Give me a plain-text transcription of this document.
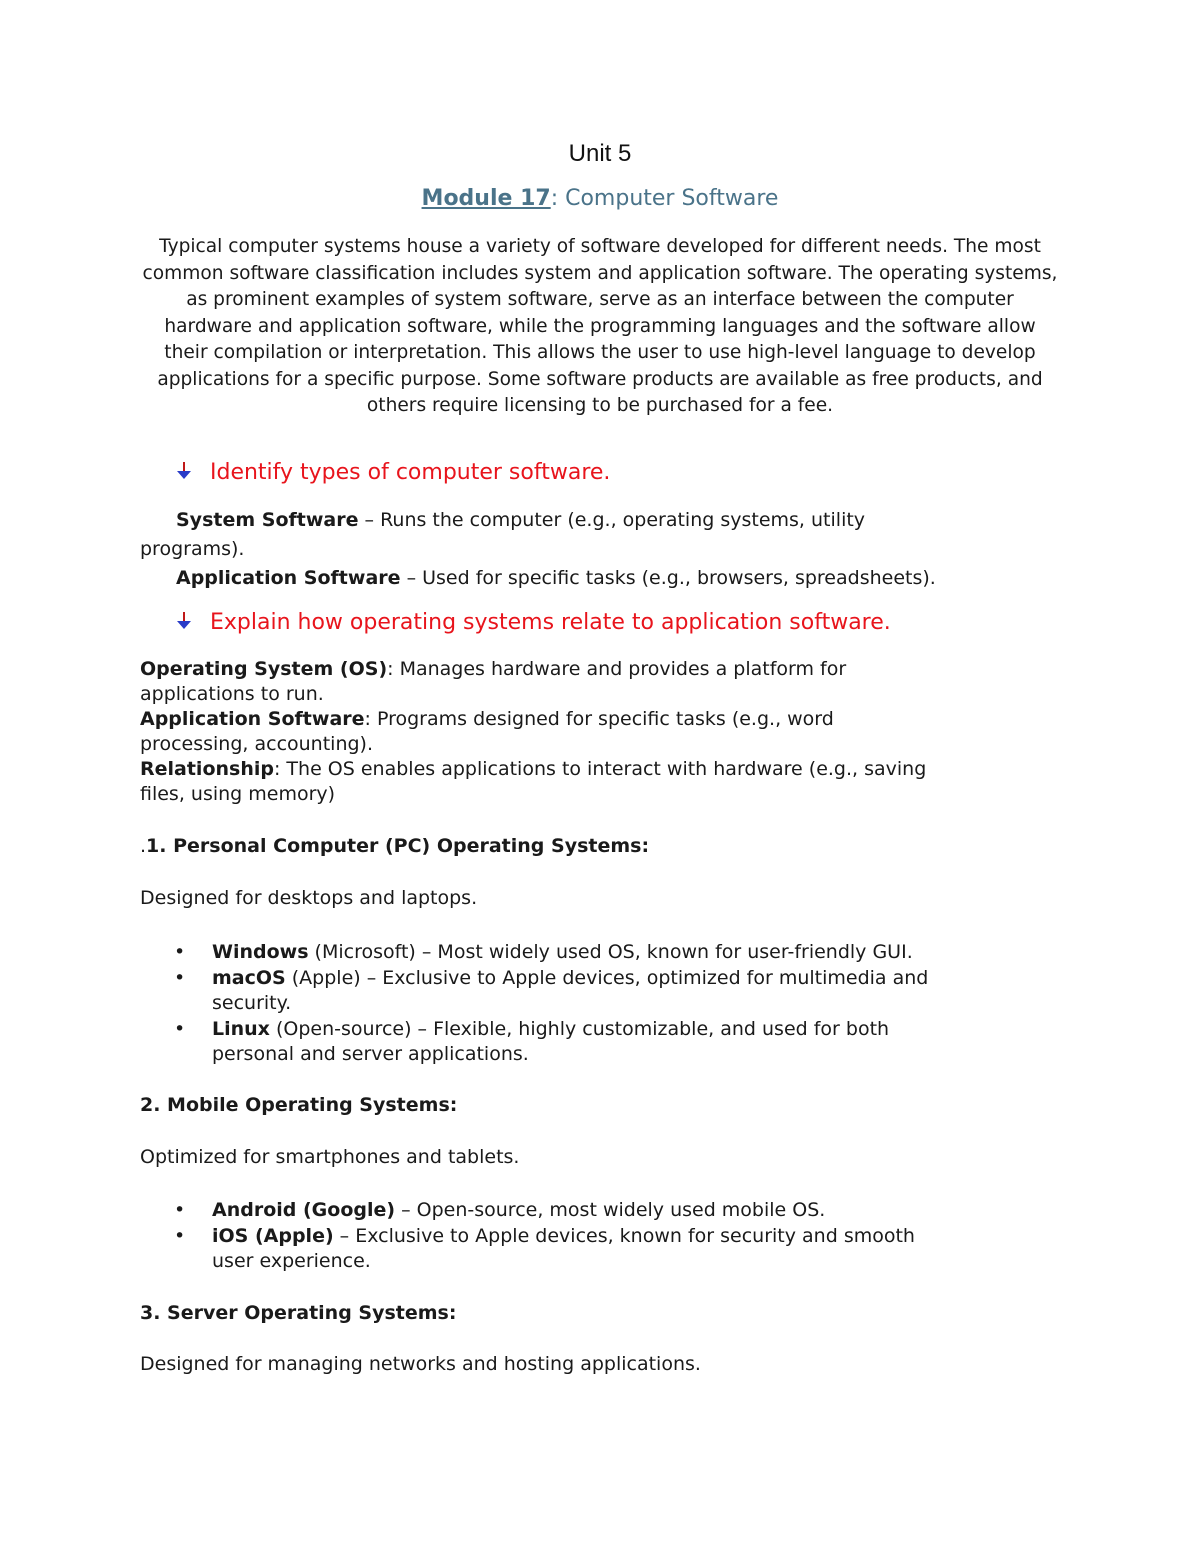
Unit 5

Module 17: Computer Software

Typical computer systems house a variety of software developed for different needs. The most common software classification includes system and application software. The operating systems, as prominent examples of system software, serve as an interface between the computer hardware and application software, while the programming languages and the software allow their compilation or interpretation. This allows the user to use high-level language to develop applications for a specific purpose. Some software products are available as free products, and others require licensing to be purchased for a fee.

Identify types of computer software.

System Software – Runs the computer (e.g., operating systems, utility
programs).
Application Software – Used for specific tasks (e.g., browsers, spreadsheets).

Explain how operating systems relate to application software.

Operating System (OS): Manages hardware and provides a platform for
applications to run.
Application Software: Programs designed for specific tasks (e.g., word
processing, accounting).
Relationship: The OS enables applications to interact with hardware (e.g., saving
files, using memory)

.1. Personal Computer (PC) Operating Systems:

Designed for desktops and laptops.

• Windows (Microsoft) – Most widely used OS, known for user-friendly GUI.
• macOS (Apple) – Exclusive to Apple devices, optimized for multimedia and
security.
• Linux (Open-source) – Flexible, highly customizable, and used for both
personal and server applications.

2. Mobile Operating Systems:

Optimized for smartphones and tablets.

• Android (Google) – Open-source, most widely used mobile OS.
• iOS (Apple) – Exclusive to Apple devices, known for security and smooth
user experience.

3. Server Operating Systems:

Designed for managing networks and hosting applications.
